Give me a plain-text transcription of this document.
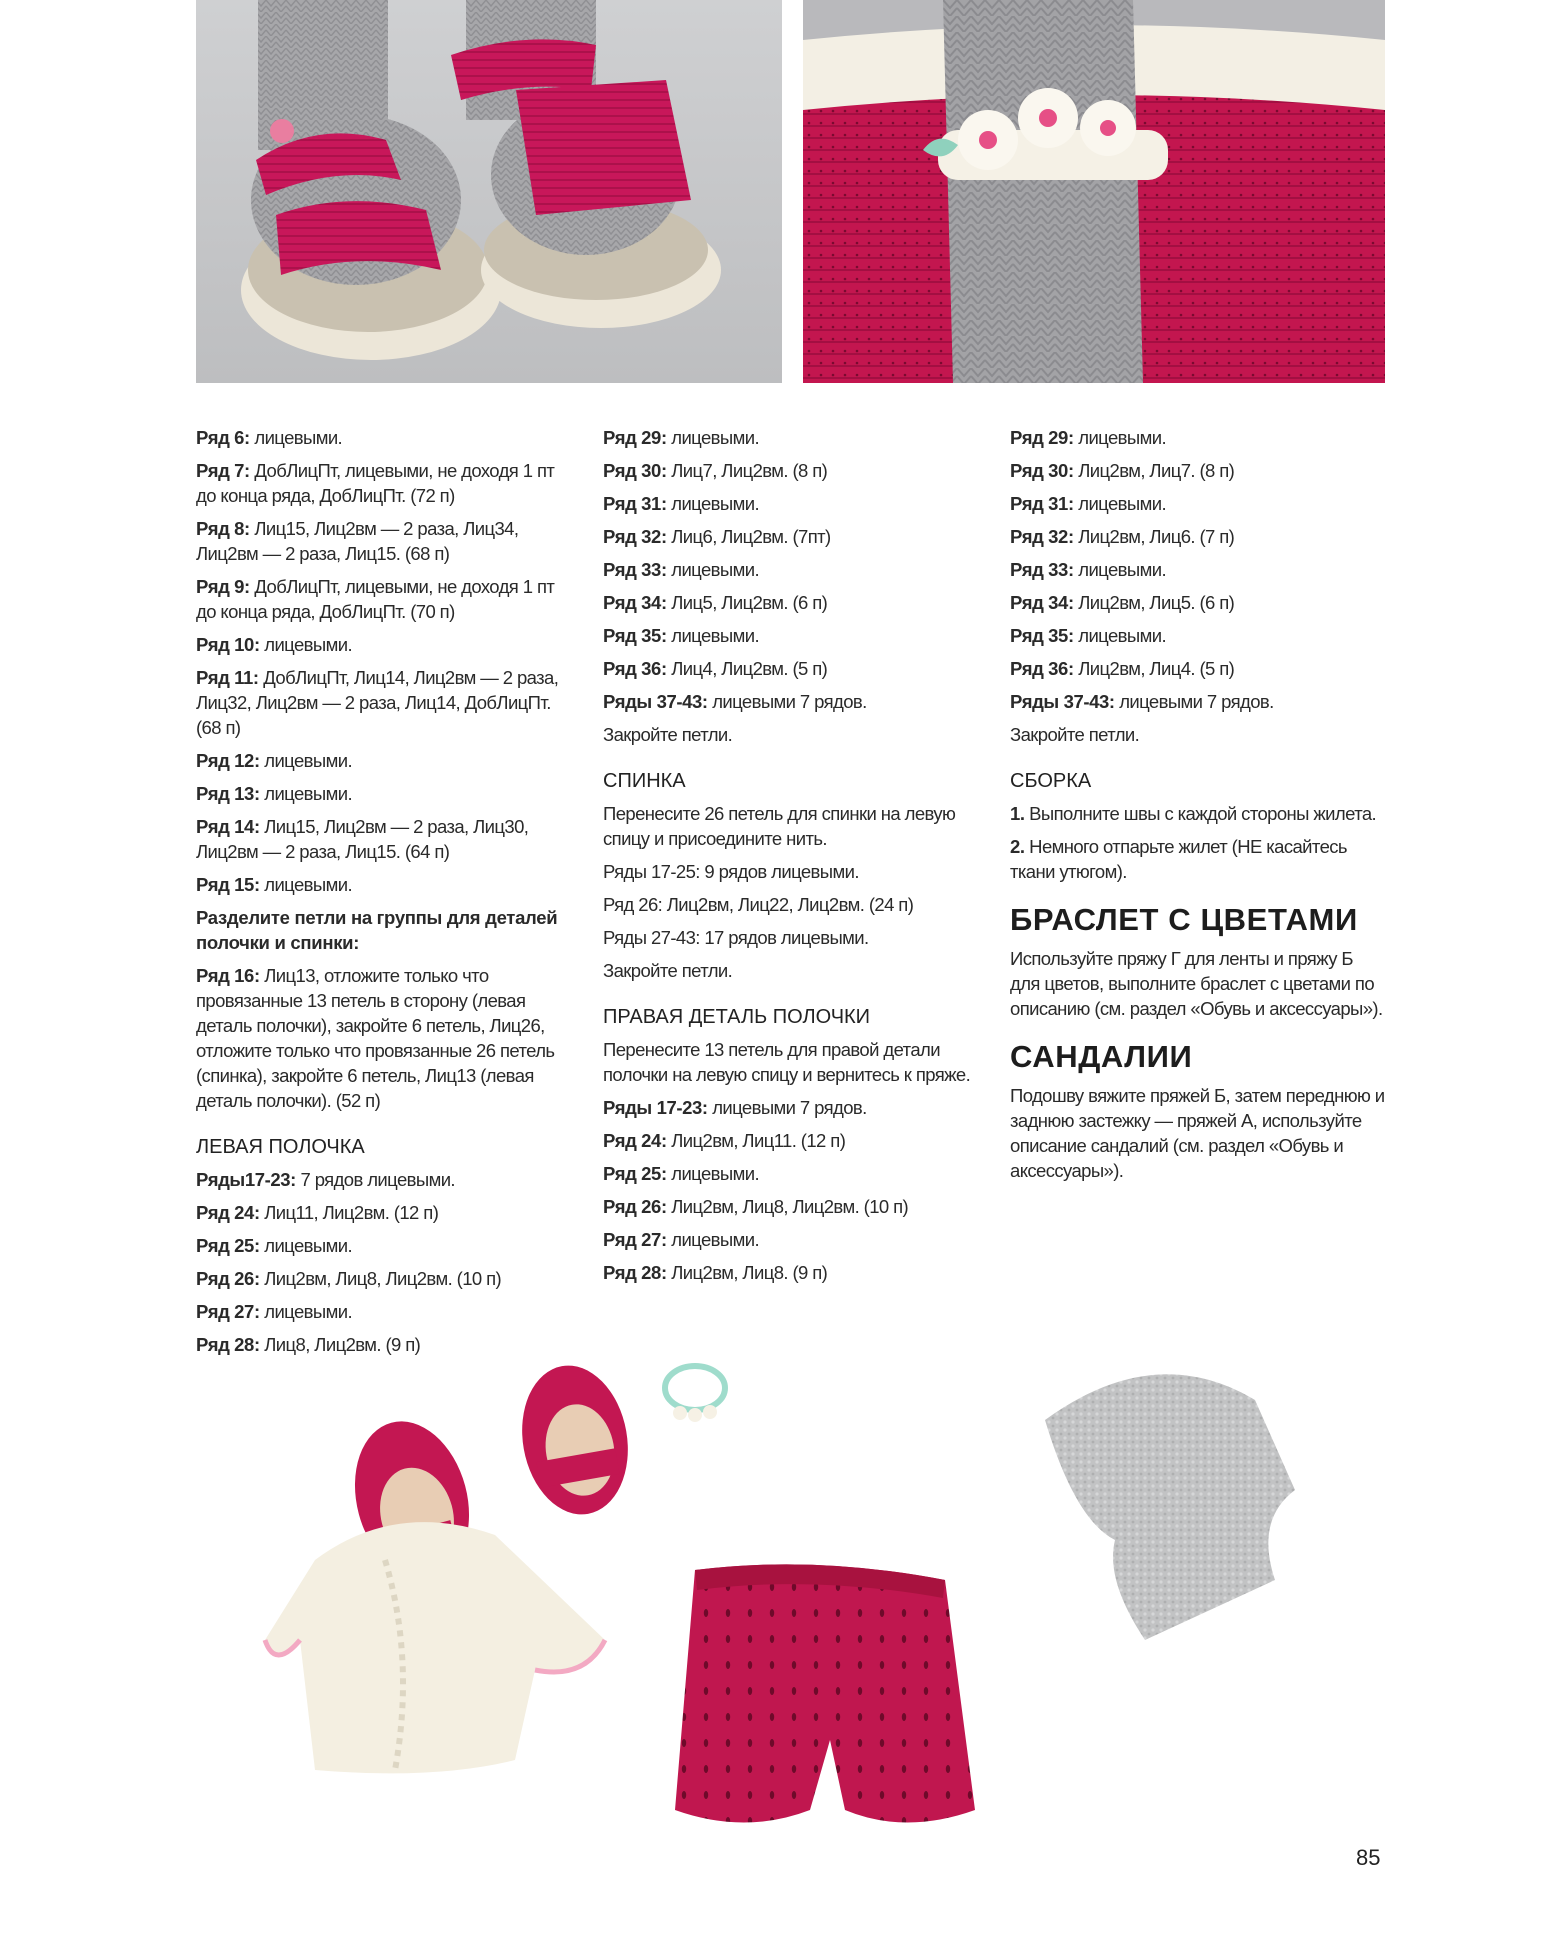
Ряд 6: лицевыми.

Ряд 7: ДобЛицПт, лицевыми, не доходя 1 пт до конца ряда, ДобЛицПт. (72 п)

Ряд 8: Лиц15, Лиц2вм — 2 раза, Лиц34, Лиц2вм — 2 раза, Лиц15. (68 п)

Ряд 9: ДобЛицПт, лицевыми, не доходя 1 пт до конца ряда, ДобЛицПт. (70 п)

Ряд 10: лицевыми.

Ряд 11: ДобЛицПт, Лиц14, Лиц2вм — 2 раза, Лиц32, Лиц2вм — 2 раза, Лиц14, ДобЛицПт. (68 п)

Ряд 12: лицевыми.

Ряд 13: лицевыми.

Ряд 14: Лиц15, Лиц2вм — 2 раза, Лиц30, Лиц2вм — 2 раза, Лиц15. (64 п)

Ряд 15: лицевыми.

Разделите петли на группы для деталей полочки и спинки:

Ряд 16: Лиц13, отложите только что провязанные 13 петель в сторону (левая деталь полочки), закройте 6 петель, Лиц26, отложите только что провязанные 26 петель (спинка), закройте 6 петель, Лиц13 (левая деталь полочки). (52 п)

ЛЕВАЯ ПОЛОЧКА

Ряды17-23: 7 рядов лицевыми.

Ряд 24: Лиц11, Лиц2вм. (12 п)

Ряд 25: лицевыми.

Ряд 26: Лиц2вм, Лиц8, Лиц2вм. (10 п)

Ряд 27: лицевыми.

Ряд 28: Лиц8, Лиц2вм. (9 п)

Ряд 29: лицевыми.

Ряд 30: Лиц7, Лиц2вм. (8 п)

Ряд 31: лицевыми.

Ряд 32: Лиц6, Лиц2вм. (7пт)

Ряд 33: лицевыми.

Ряд 34: Лиц5, Лиц2вм. (6 п)

Ряд 35: лицевыми.

Ряд 36: Лиц4, Лиц2вм. (5 п)

Ряды 37-43: лицевыми 7 рядов.

Закройте петли.

СПИНКА

Перенесите 26 петель для спинки на левую спицу и присоедините нить.

Ряды 17-25: 9 рядов лицевыми.

Ряд 26: Лиц2вм, Лиц22, Лиц2вм. (24 п)

Ряды 27-43: 17 рядов лицевыми.

Закройте петли.

ПРАВАЯ ДЕТАЛЬ ПОЛОЧКИ

Перенесите 13 петель для правой детали полочки на левую спицу и вернитесь к пряже.

Ряды 17-23: лицевыми 7 рядов.

Ряд 24: Лиц2вм, Лиц11. (12 п)

Ряд 25: лицевыми.

Ряд 26: Лиц2вм, Лиц8, Лиц2вм. (10 п)

Ряд 27: лицевыми.

Ряд 28: Лиц2вм, Лиц8. (9 п)

Ряд 29: лицевыми.

Ряд 30: Лиц2вм, Лиц7. (8 п)

Ряд 31: лицевыми.

Ряд 32: Лиц2вм, Лиц6. (7 п)

Ряд 33: лицевыми.

Ряд 34: Лиц2вм, Лиц5. (6 п)

Ряд 35: лицевыми.

Ряд 36: Лиц2вм, Лиц4. (5 п)

Ряды 37-43: лицевыми 7 рядов.

Закройте петли.

СБОРКА

1. Выполните швы с каждой стороны жилета.

2. Немного отпарьте жилет (НЕ касайтесь ткани утюгом).

БРАСЛЕТ С ЦВЕТАМИ

Используйте пряжу Г для ленты и пряжу Б для цветов, выполните браслет с цветами по описанию (см. раздел «Обувь и аксессуары»).

САНДАЛИИ

Подошву вяжите пряжей Б, затем переднюю и заднюю застежку — пряжей А, используйте описание сандалий (см. раздел «Обувь и аксессуары»).

85
